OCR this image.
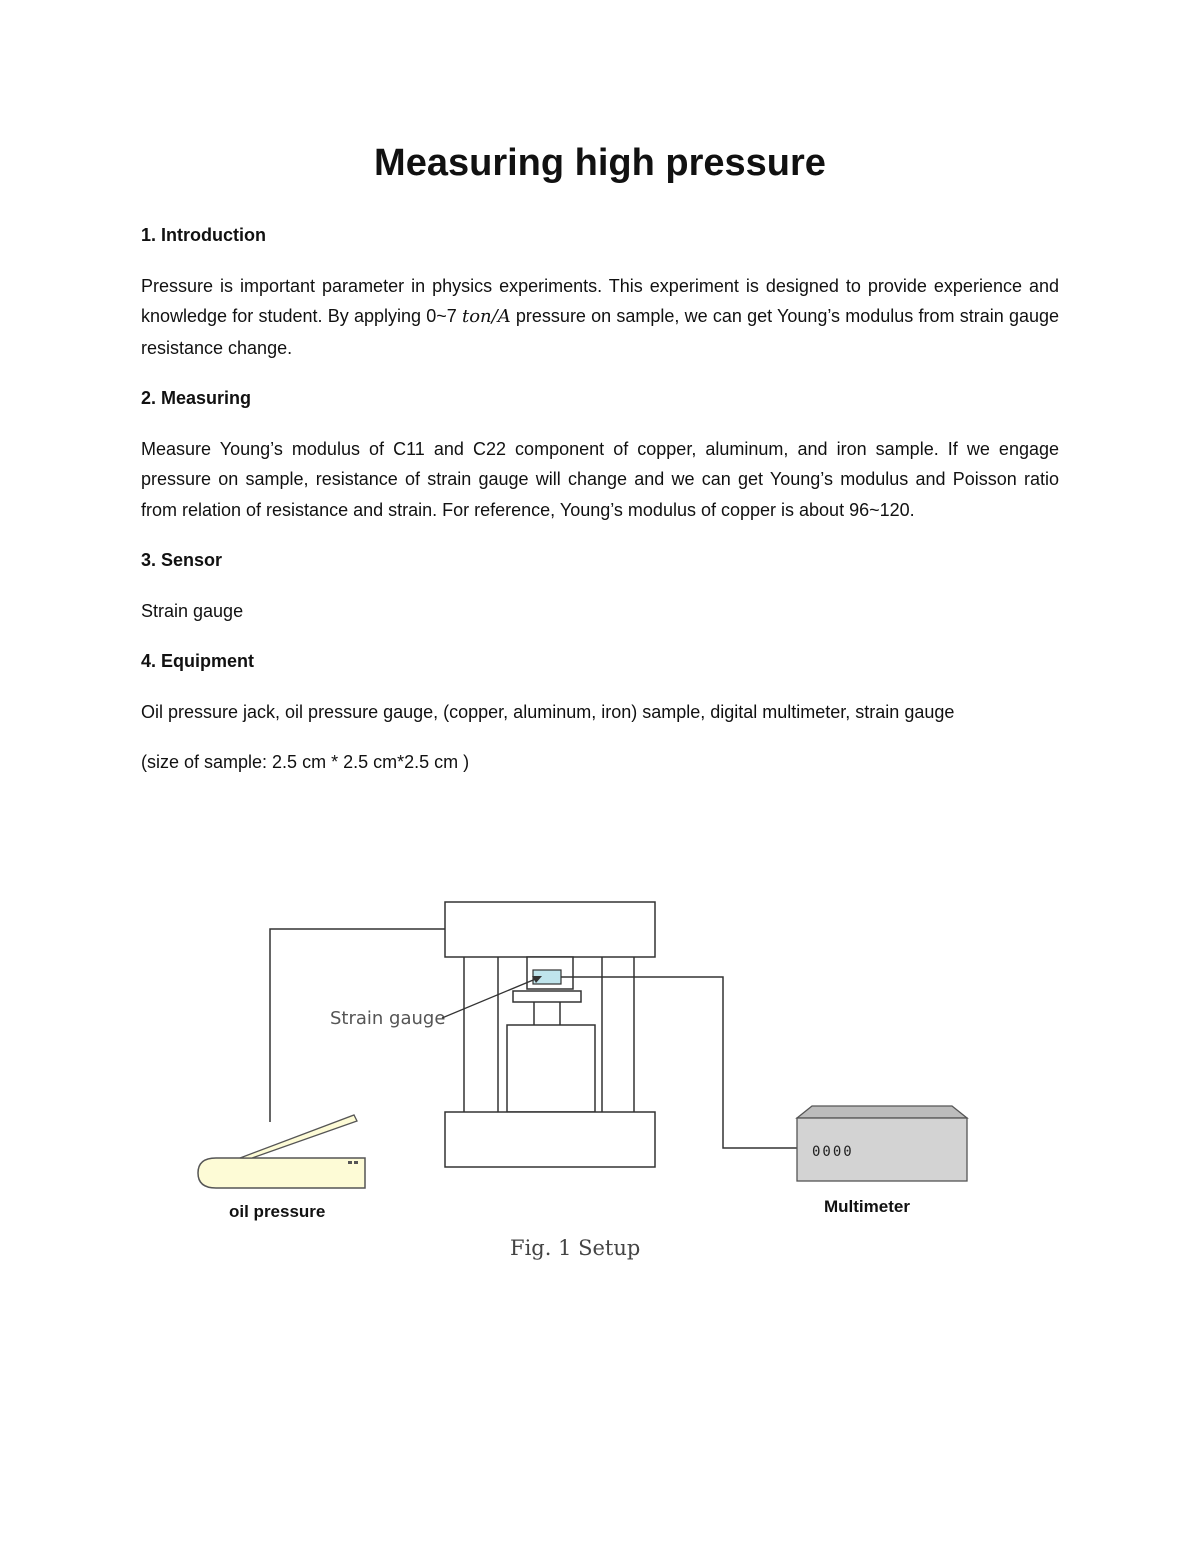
Measuring high pressure

1. Introduction

Pressure is important parameter in physics experiments. This experiment is designed to provide experience and knowledge for student. By applying 0~7 ton/A pressure on sample, we can get Young’s modulus from strain gauge resistance change.

2. Measuring

Measure Young’s modulus of C11 and C22 component of copper, aluminum, and iron sample. If we engage pressure on sample, resistance of strain gauge will change and we can get Young’s modulus and Poisson ratio from relation of resistance and strain. For reference, Young’s modulus of copper is about 96~120.

3. Sensor

Strain gauge

4. Equipment

Oil pressure jack, oil pressure gauge, (copper, aluminum, iron) sample, digital multimeter, strain gauge

(size of sample: 2.5 cm * 2.5 cm*2.5 cm )

Strain gauge
oil pressure
0000
Multimeter
Fig. 1 Setup
